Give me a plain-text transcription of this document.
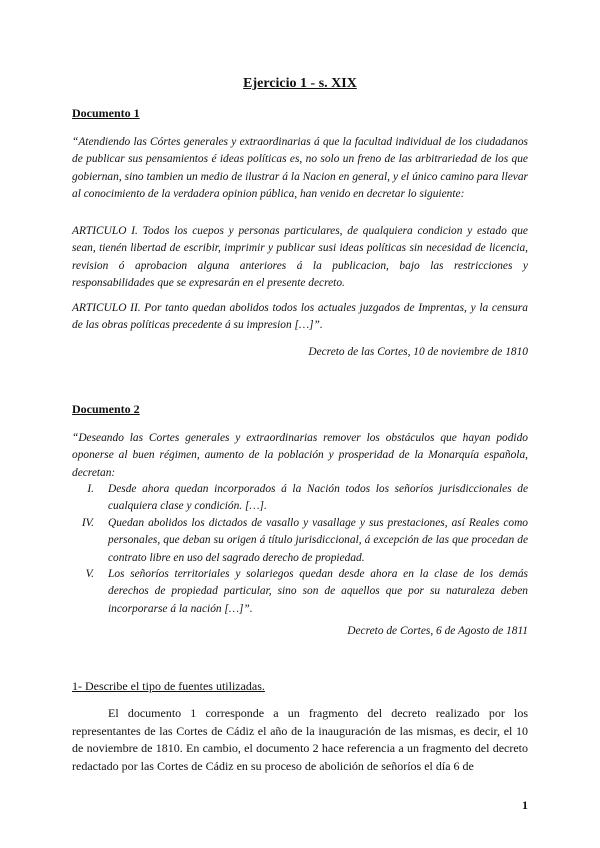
Ejercicio 1 - s. XIX
Documento 1

“Atendiendo las Córtes generales y extraordinarias á que la facultad individual de los ciudadanos de publicar sus pensamientos é ideas políticas es, no solo un freno de las arbitrariedad de los que gobiernan, sino tambien un medio de ilustrar á la Nacion en general, y el único camino para llevar al conocimiento de la verdadera opinion pública, han venido en decretar lo siguiente:

ARTICULO I. Todos los cuepos y personas particulares, de qualquiera condicion y estado que sean, tienén libertad de escribir, imprimir y publicar susi ideas políticas sin necesidad de licencia, revision ó aprobacion alguna anteriores á la publicacion, bajo las restricciones y responsabilidades que se expresarán en el presente decreto.

ARTICULO II. Por tanto quedan abolidos todos los actuales juzgados de Imprentas, y la censura de las obras políticas precedente á su impresion […]”.

Decreto de las Cortes, 10 de noviembre de 1810
Documento 2

“Deseando las Cortes generales y extraordinarias remover los obstáculos que hayan podido oponerse al buen régimen, aumento de la población y prosperidad de la Monarquía española, decretan:

I. Desde ahora quedan incorporados á la Nación todos los señoríos jurisdiccionales de cualquiera clase y condición. […].
IV. Quedan abolidos los dictados de vasallo y vasallage y sus prestaciones, así Reales como personales, que deban su origen á título jurisdiccional, á excepción de las que procedan de contrato libre en uso del sagrado derecho de propiedad.
V. Los señoríos territoriales y solariegos quedan desde ahora en la clase de los demás derechos de propiedad particular, sino son de aquellos que por su naturaleza deben incorporarse á la nación […]”.
Decreto de Cortes, 6 de Agosto de 1811
1- Describe el tipo de fuentes utilizadas.

El documento 1 corresponde a un fragmento del decreto realizado por los representantes de las Cortes de Cádiz el año de la inauguración de las mismas, es decir, el 10 de noviembre de 1810. En cambio, el documento 2 hace referencia a un fragmento del decreto redactado por las Cortes de Cádiz en su proceso de abolición de señoríos el día 6 de

1
